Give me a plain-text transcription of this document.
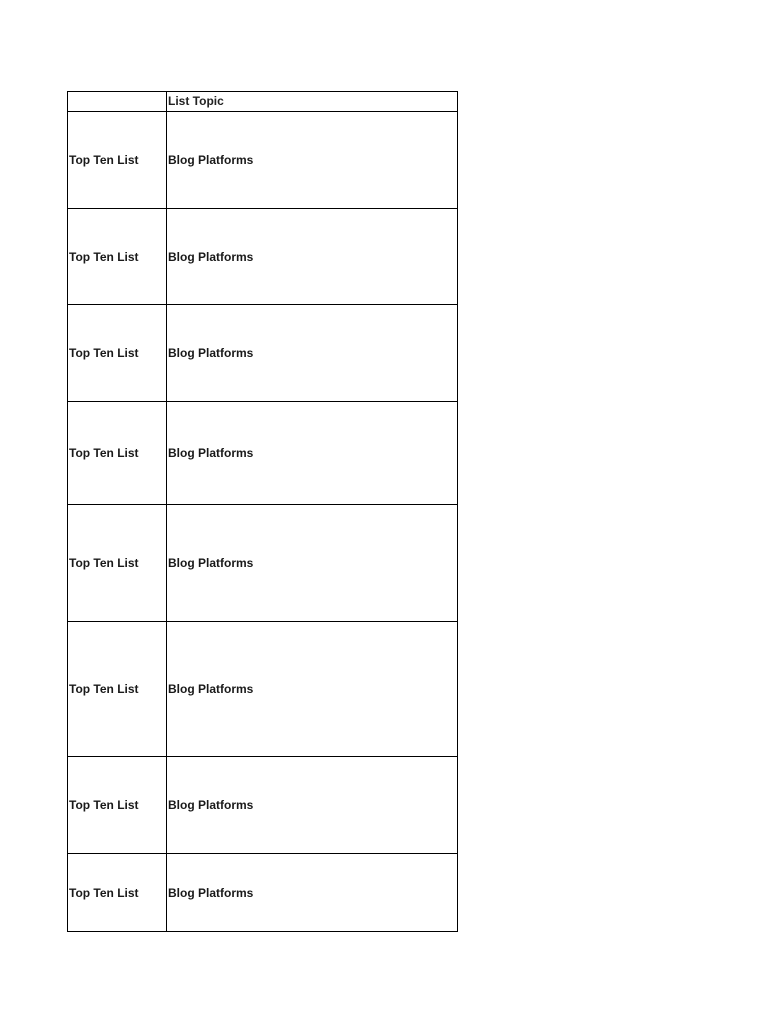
	List Topic
Top Ten List	Blog Platforms
Top Ten List	Blog Platforms
Top Ten List	Blog Platforms
Top Ten List	Blog Platforms
Top Ten List	Blog Platforms
Top Ten List	Blog Platforms
Top Ten List	Blog Platforms
Top Ten List	Blog Platforms
